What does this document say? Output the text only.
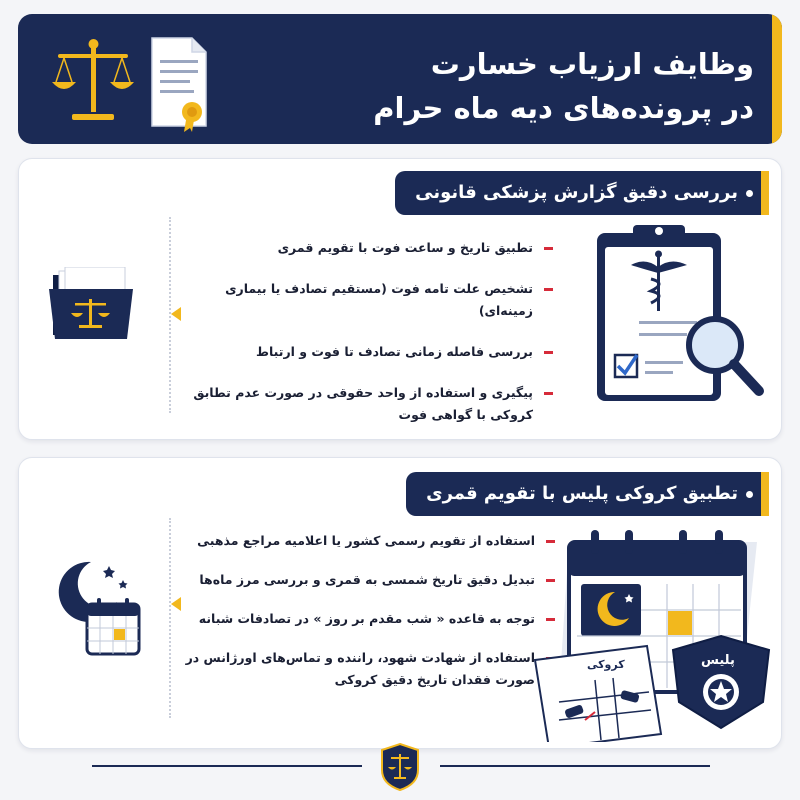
وظایف ارزیاب خسارت
در پرونده‌های دیه ماه حرام
بررسی دقیق گزارش پزشکی قانونی
تطبیق تاریخ و ساعت فوت با تقویم قمری
تشخیص علت تامه فوت (مستقیم تصادف یا بیماری زمینه‌ای)
بررسی فاصله زمانی تصادف تا فوت و ارتباط
پیگیری و استفاده از واحد حقوقی در صورت عدم تطابق کروکی با گواهی فوت
تطبیق کروکی پلیس با تقویم قمری
استفاده از تقویم رسمی کشور یا اعلامیه مراجع مذهبی
تبدیل دقیق تاریخ شمسی به قمری و بررسی مرز ماه‌ها
توجه به قاعده « شب مقدم بر روز » در تصادفات شبانه
استفاده از شهادت شهود، راننده و تماس‌های اورژانس در صورت فقدان تاریخ دقیق کروکی
کروکی	پلیس
